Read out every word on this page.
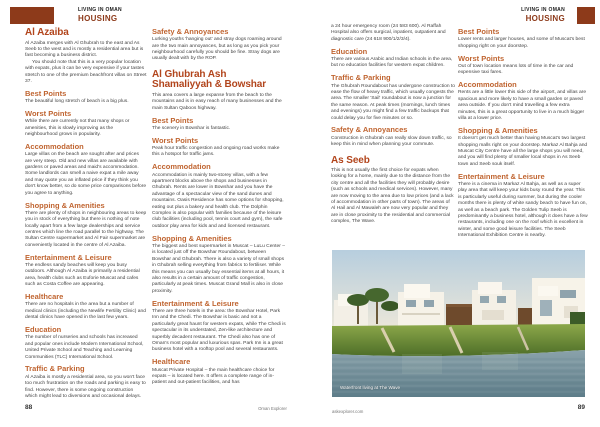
LIVING IN OMAN
HOUSING
LIVING IN OMAN
HOUSING
Al Azaiba

Al Azaiba merges with Al Ghubrah to the east and As Seeb to the west and is mostly a residential area but is fast becoming a business district.

You should note that this is a very popular location with expats, plus it can be very expensive if your tastes stretch to one of the premium beachfront villas on Street 37.

Best Points

The beautiful long stretch of beach is a big plus.

Worst Points

While there are currently not that many shops or amenities, this is slowly improving as the neighbourhood grows in popularity.

Accommodation

Large villas on the beach are sought after and prices are very steep. Old and new villas are available with gardens or paved areas and maid's accommodation. Some landlords can smell a naive expat a mile away and may quote you an inflated price if they think you don't know better, so do some price comparisons before you agree to anything.

Shopping & Amenities

There are plenty of shops in neighbouring areas to keep you in stock of everything but there is nothing of note locally apart from a few large dealerships and service centres which line the road parallel to the highway. The Sultan Centre supermarket and Al Fair supermarket are conveniently located in the centre of Al Azaiba.

Entertainment & Leisure

The endless sandy beaches will keep you busy outdoors. Although Al Azaiba is primarily a residential area, health clubs such as Euforie Muscat and cafes such as Costa Coffee are appearing.

Healthcare

There are no hospitals in the area but a number of medical clinics (including the Newlife Fertility Clinic) and dental clinics have opened in the last few years.

Education

The number of nurseries and schools has increased and popular ones include Modern International School, United Private School and Teaching and Learning Communities (TLC) International School.

Traffic & Parking

Al Azaiba is mostly a residential area, so you won't face too much frustration on the roads and parking is easy to find. However, there is some ongoing construction which might lead to diversions and occasional delays.

Safety & Annoyances

Lurking youths 'hanging out' and stray dogs roaming around are the two main annoyances, but as long as you pick your neighbourhood carefully you should be fine. Stray dogs are usually dealt with by the ROP.

Al Ghubrah Ash Shamaliyyah & Bowshar

This area covers a large expanse from the beach to the mountains and is in easy reach of many businesses and the main Sultan Qaboos highway.

Best Points

The scenery in Bowshar is fantastic.

Worst Points

Peak hour traffic congestion and ongoing road works make this a hotspot for traffic jams.

Accommodation

Accommodation is mainly two-storey villas, with a few apartment blocks above the shops and businesses in Ghubrah. Rents are lower in Bowshar and you have the advantage of a spectacular view of the sand dunes and mountains. Oasis Residence has some options for shopping, eating out plus a bakery and health club. The Dolphin Complex is also popular with families because of the leisure club facilities (including pool, tennis court and gym), the safe outdoor play area for kids and and licensed restaurant.

Shopping & Amenities

The biggest and best supermarket in Muscat – LuLu Center – is located just off the Bowshar Roundabout, between Bowshar and Ghubrah. There is also a variety of small shops in Ghubrah selling everything from fabrics to fertiliser. While this means you can usually buy essential items at all hours, it also results in a certain amount of traffic congestion, particularly at peak times. Muscat Grand Mall is also in close proximity.

Entertainment & Leisure

There are three hotels in the area: the Bowshar Hotel, Park Inn and the Chedi. The Bowshar is basic and not a particularly great haunt for western expats, while The Chedi is spectacular in its understated, Zen-like architecture and superbly decadent restaurant. The Chedi also has one of Oman's most popular and luxurious spas. Park Inn is a great business hotel with a rooftop pool and several restaurants.

Healthcare

Muscat Private Hospital – the main healthcare choice for expats – is located here. It offers a complete range of in-patient and out-patient facilities, and has

a 24 hour emergency room (24 583 600). Al Raffah Hospital also offers surgical, inpatient, outpatient and diagnostic care (24 618 900/1/2/3/4).

Education

There are various Arabic and Indian schools in the area, but no education facilities for western expat children.

Traffic & Parking

The Ghubrah Roundabout has undergone construction to ease the flow of heavy traffic, which usually congests the area. The smaller 'Sail' roundabout is now a junction for the same reason. At peak times (mornings, lunch times and evenings) you might find a few traffic backups that could delay you for five minutes or so.

Safety & Annoyances

Construction in Ghubrah can really slow down traffic, so keep this in mind when planning your commute.

As Seeb

This is not usually the first choice for expats when looking for a home, mainly due to the distance from the city centre and all the facilities they will probably desire (such as schools and medical services). However, many are now moving to the area due to low prices (and a lack of accommodation in other parts of town). The areas of Al Hail and Al Mawaleh are now very popular and they are in close proximity to the residential and commercial complex, The Wave.

Best Points

Lower rents and larger houses, and some of Muscat's best shopping right on your doorstep.

Worst Points

Out of town location means lots of time in the car and expensive taxi fares.

Accommodation

Rents are a little lower this side of the airport, and villas are spacious and more likely to have a small garden or paved area outside. If you don't mind travelling a few extra minutes, this is a great opportunity to live in a much bigger villa at a lower price.

Shopping & Amenities

It doesn't get much better than having Muscat's two largest shopping malls right on your doorstep. Markaz Al Bahja and Muscat City Centre have all the large shops you will need, and you will find plenty of smaller local shops in As Seeb town and Seeb souk itself.

Entertainment & Leisure

There is a cinema in Markaz Al Bahja, as well as a super play area that will keep your kids busy round the year. This is particularly useful during summer, but during the cooler months there is plenty of white sandy beach to have fun on, as well as a beach park. The Golden Tulip Seeb is predominantly a business hotel, although it does have a few restaurants, including one on the roof which is excellent in winter, and some good leisure facilities. The Seeb International Exhibition Centre is nearby.

Waterfront living at The Wave
88	Oman Explorer
askexplorer.com
89
